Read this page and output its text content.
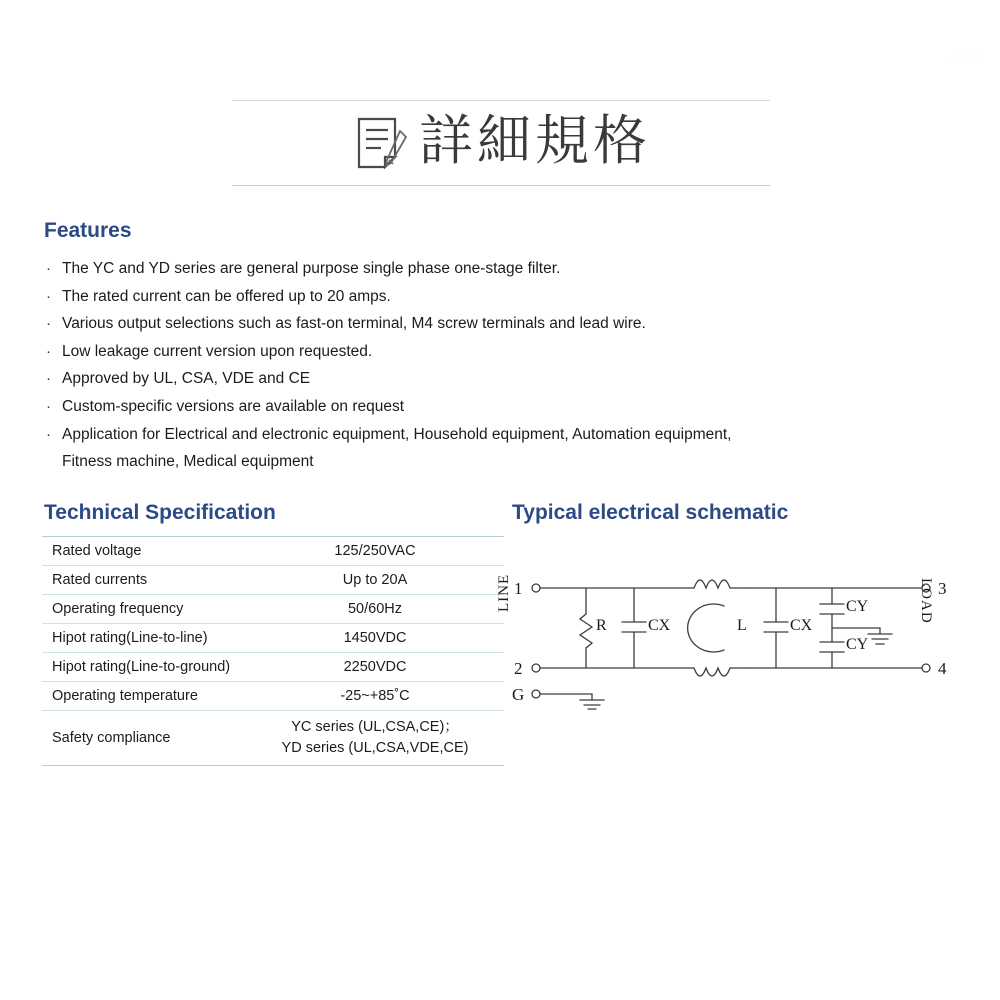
CCC
詳細規格
Features
· The YC and YD series are general purpose single phase one-stage filter.
· The rated current can be offered up to 20 amps.
· Various output selections such as fast-on terminal, M4 screw terminals and lead wire.
· Low leakage current version upon requested.
· Approved by UL, CSA, VDE and CE
· Custom-specific versions are available on request
· Application for Electrical and electronic equipment, Household equipment, Automation equipment,
Fitness machine, Medical equipment
Technical Specification
Rated voltage	125/250VAC
Rated currents	Up to 20A
Operating frequency	50/60Hz
Hipot rating(Line-to-line)	1450VDC
Hipot rating(Line-to-ground)	2250VDC
Operating temperature	-25~+85˚C
Safety compliance	YC series (UL,CSA,CE)；
YD series (UL,CSA,VDE,CE)
Typical electrical schematic
LINE	LOAD
1
2
G
3
4
R	CX	L	CX
CY
CY
